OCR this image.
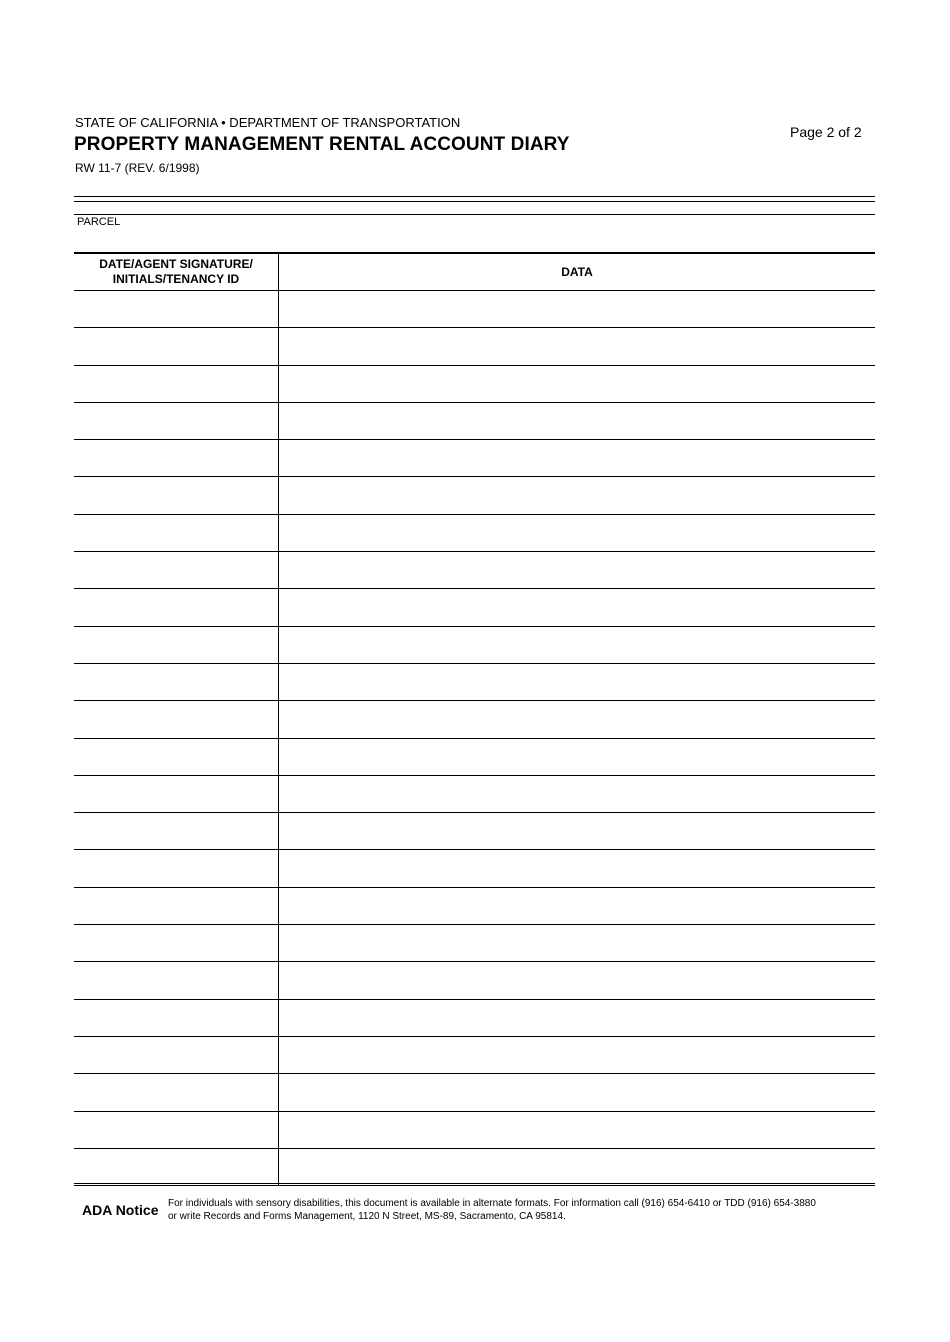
STATE OF CALIFORNIA • DEPARTMENT OF TRANSPORTATION
PROPERTY MANAGEMENT RENTAL ACCOUNT DIARY
RW 11-7 (REV. 6/1998)
Page 2 of 2
PARCEL
DATE/AGENT SIGNATURE/
INITIALS/TENANCY ID	DATA

ADA Notice For individuals with sensory disabilities, this document is available in alternate formats. For information call (916) 654-6410 or TDD (916) 654-3880
or write Records and Forms Management, 1120 N Street, MS-89, Sacramento, CA 95814.
